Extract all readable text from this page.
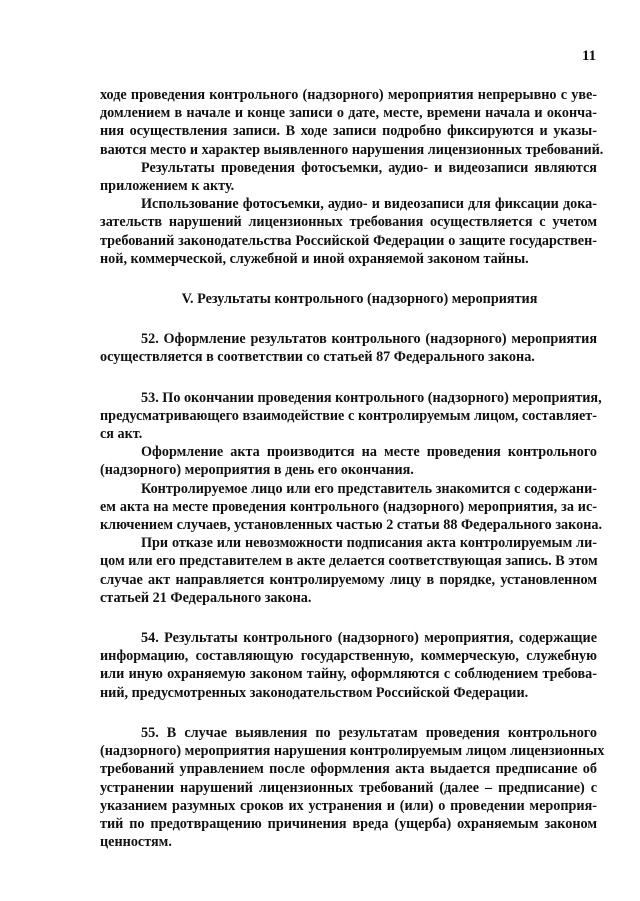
11
ходе проведения контрольного (надзорного) мероприятия непрерывно с уве-
домлением в начале и конце записи о дате, месте, времени начала и оконча-
ния осуществления записи. В ходе записи подробно фиксируются и указы-
ваются место и характер выявленного нарушения лицензионных требований.
Результаты проведения фотосъемки, аудио- и видеозаписи являются
приложением к акту.
Использование фотосъемки, аудио- и видеозаписи для фиксации дока-
зательств нарушений лицензионных требования осуществляется с учетом
требований законодательства Российской Федерации о защите государствен-
ной, коммерческой, служебной и иной охраняемой законом тайны.
V. Результаты контрольного (надзорного) мероприятия
52. Оформление результатов контрольного (надзорного) мероприятия
осуществляется в соответствии со статьей 87 Федерального закона.
53. По окончании проведения контрольного (надзорного) мероприятия,
предусматривающего взаимодействие с контролируемым лицом, составляет-
ся акт.
Оформление акта производится на месте проведения контрольного
(надзорного) мероприятия в день его окончания.
Контролируемое лицо или его представитель знакомится с содержани-
ем акта на месте проведения контрольного (надзорного) мероприятия, за ис-
ключением случаев, установленных частью 2 статьи 88 Федерального закона.
При отказе или невозможности подписания акта контролируемым ли-
цом или его представителем в акте делается соответствующая запись. В этом
случае акт направляется контролируемому лицу в порядке, установленном
статьей 21 Федерального закона.
54. Результаты контрольного (надзорного) мероприятия, содержащие
информацию, составляющую государственную, коммерческую, служебную
или иную охраняемую законом тайну, оформляются с соблюдением требова-
ний, предусмотренных законодательством Российской Федерации.
55. В случае выявления по результатам проведения контрольного
(надзорного) мероприятия нарушения контролируемым лицом лицензионных
требований управлением после оформления акта выдается предписание об
устранении нарушений лицензионных требований (далее – предписание) с
указанием разумных сроков их устранения и (или) о проведении мероприя-
тий по предотвращению причинения вреда (ущерба) охраняемым законом
ценностям.
